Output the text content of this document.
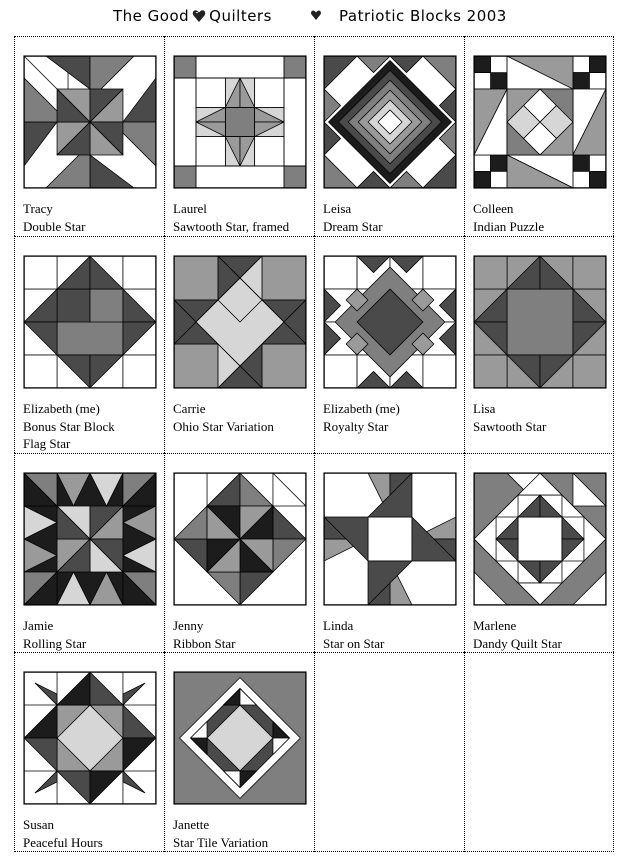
The Good Quilters	Patriotic Blocks 2003
Tracy
Double Star
Laurel
Sawtooth Star, framed
Leisa
Dream Star
Colleen
Indian Puzzle
Elizabeth (me)
Bonus Star Block
Flag Star
Carrie
Ohio Star Variation
Elizabeth (me)
Royalty Star
Lisa
Sawtooth Star
Jamie
Rolling Star
Jenny
Ribbon Star
Linda
Star on Star
Marlene
Dandy Quilt Star
Susan
Peaceful Hours
Janette
Star Tile Variation
